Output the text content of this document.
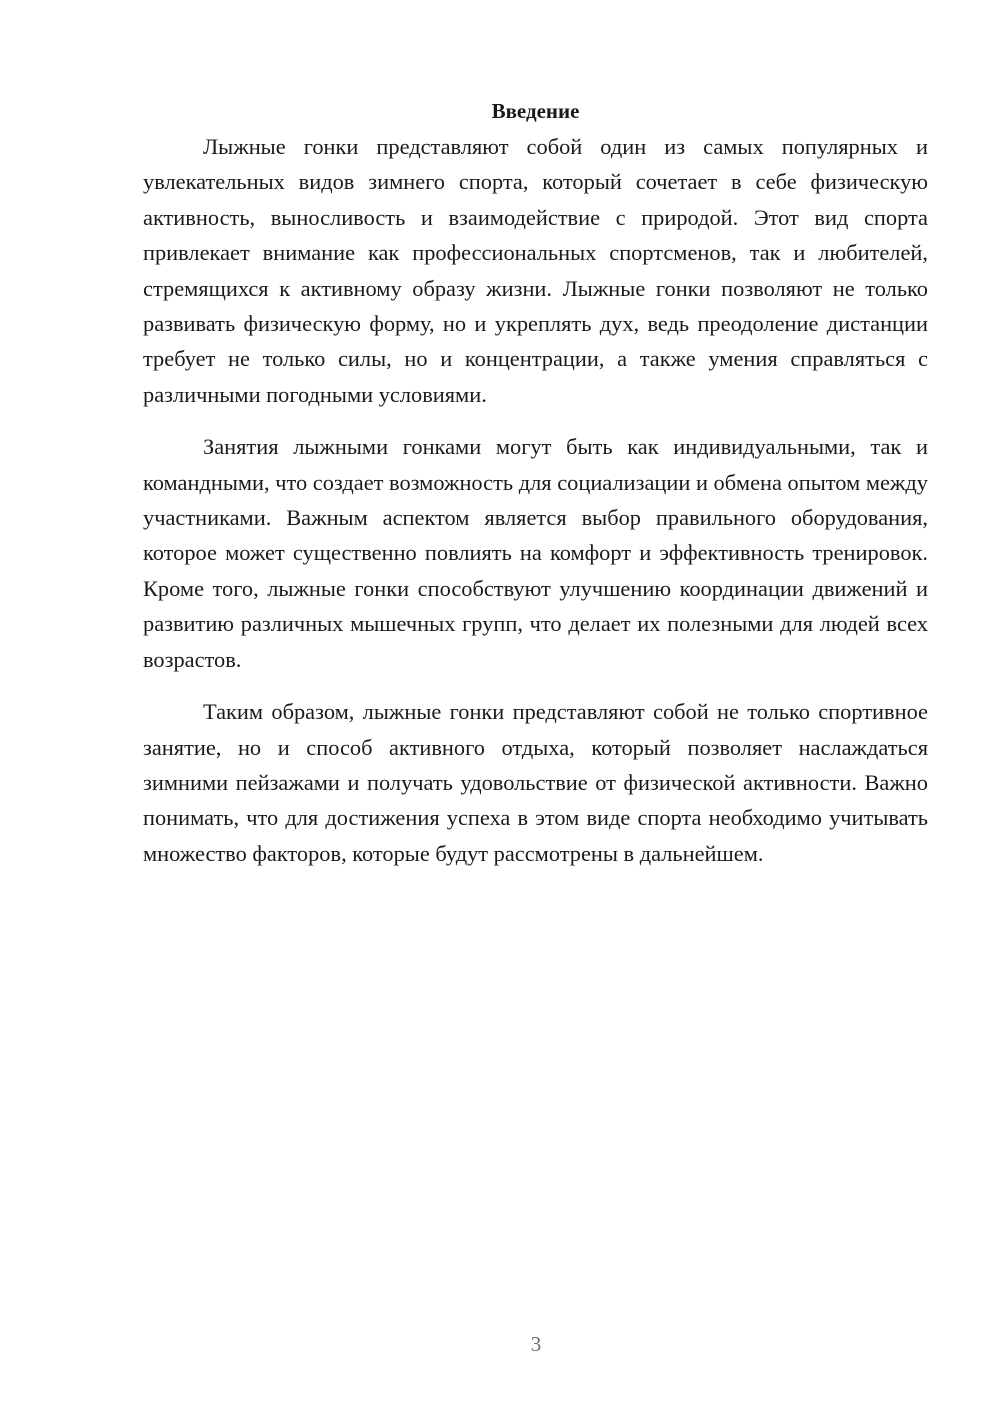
Введение

Лыжные гонки представляют собой один из самых популярных и увлекательных видов зимнего спорта, который сочетает в себе физическую активность, выносливость и взаимодействие с природой. Этот вид спорта привлекает внимание как профессиональных спортсменов, так и любителей, стремящихся к активному образу жизни. Лыжные гонки позволяют не только развивать физическую форму, но и укреплять дух, ведь преодоление дистанции требует не только силы, но и концентрации, а также умения справляться с различными погодными условиями.

Занятия лыжными гонками могут быть как индивидуальными, так и командными, что создает возможность для социализации и обмена опытом между участниками. Важным аспектом является выбор правильного оборудования, которое может существенно повлиять на комфорт и эффективность тренировок. Кроме того, лыжные гонки способствуют улучшению координации движений и развитию различных мышечных групп, что делает их полезными для людей всех возрастов.

Таким образом, лыжные гонки представляют собой не только спортивное занятие, но и способ активного отдыха, который позволяет наслаждаться зимними пейзажами и получать удовольствие от физической активности. Важно понимать, что для достижения успеха в этом виде спорта необходимо учитывать множество факторов, которые будут рассмотрены в дальнейшем.

3
